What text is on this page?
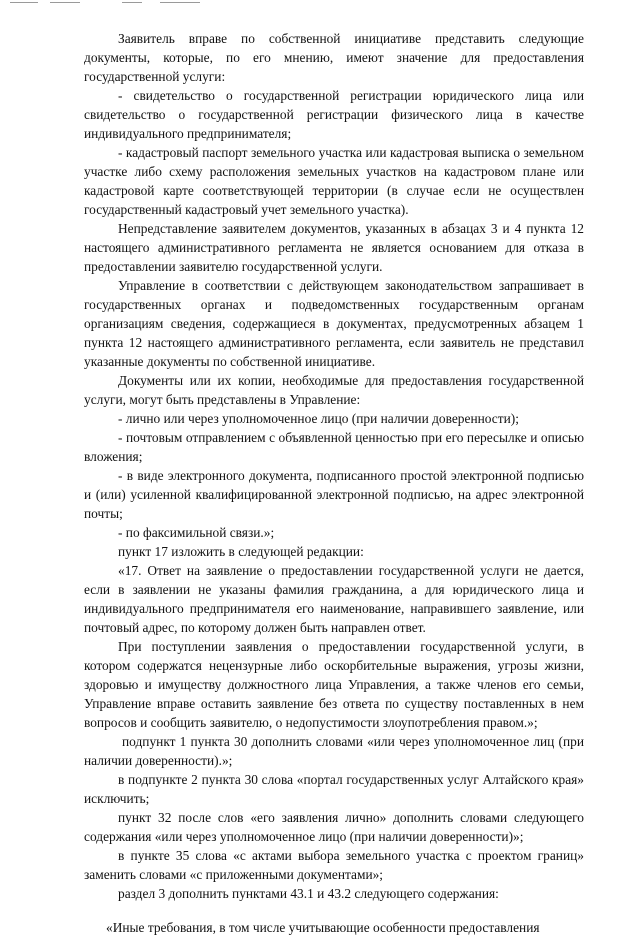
Заявитель вправе по собственной инициативе представить следующие документы, которые, по его мнению, имеют значение для предоставления государственной услуги:

- свидетельство о государственной регистрации юридического лица или свидетельство о государственной регистрации физического лица в качестве индивидуального предпринимателя;

- кадастровый паспорт земельного участка или кадастровая выписка о земельном участке либо схему расположения земельных участков на кадастровом плане или кадастровой карте соответствующей территории (в случае если не осуществлен государственный кадастровый учет земельного участка).

Непредставление заявителем документов, указанных в абзацах 3 и 4 пункта 12 настоящего административного регламента не является основанием для отказа в предоставлении заявителю государственной услуги.

Управление в соответствии с действующем законодательством запрашивает в государственных органах и подведомственных государственным органам организациям сведения, содержащиеся в документах, предусмотренных абзацем 1 пункта 12 настоящего административного регламента, если заявитель не представил указанные документы по собственной инициативе.

Документы или их копии, необходимые для предоставления государственной услуги, могут быть представлены в Управление:

- лично или через уполномоченное лицо (при наличии доверенности);

- почтовым отправлением с объявленной ценностью при его пересылке и описью вложения;

- в виде электронного документа, подписанного простой электронной подписью и (или) усиленной квалифицированной электронной подписью, на адрес электронной почты;

- по факсимильной связи.»;

пункт 17 изложить в следующей редакции:

«17. Ответ на заявление о предоставлении государственной услуги не дается, если в заявлении не указаны фамилия гражданина, а для юридического лица и индивидуального предпринимателя его наименование, направившего заявление, или почтовый адрес, по которому должен быть направлен ответ.

При поступлении заявления о предоставлении государственной услуги, в котором содержатся нецензурные либо оскорбительные выражения, угрозы жизни, здоровью и имуществу должностного лица Управления, а также членов его семьи, Управление вправе оставить заявление без ответа по существу поставленных в нем вопросов и сообщить заявителю, о недопустимости злоупотребления правом.»;

подпункт 1 пункта 30 дополнить словами «или через уполномоченное лиц (при наличии доверенности).»;

в подпункте 2 пункта 30 слова «портал государственных услуг Алтайского края» исключить;

пункт 32 после слов «его заявления лично» дополнить словами следующего содержания «или через уполномоченное лицо (при наличии доверенности)»;

в пункте 35 слова «с актами выбора земельного участка с проектом границ» заменить словами «с приложенными документами»;

раздел 3 дополнить пунктами 43.1 и 43.2 следующего содержания:

«Иные требования, в том числе учитывающие особенности предоставления
